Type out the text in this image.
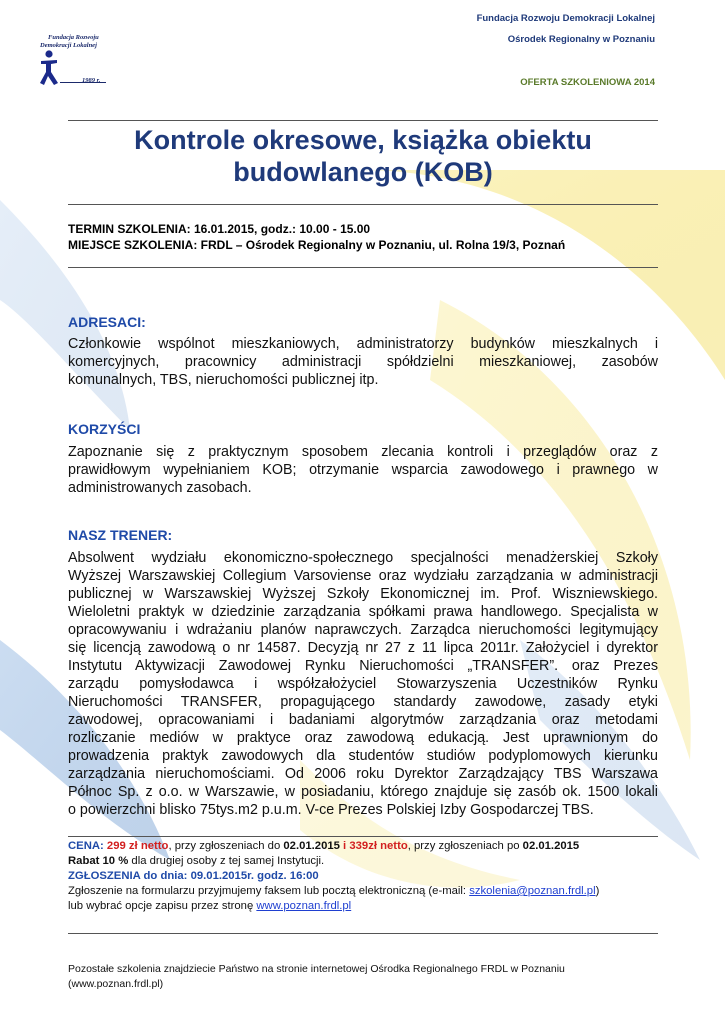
Fundacja Rozwoju Demokracji Lokalnej
Ośrodek Regionalny w Poznaniu
OFERTA SZKOLENIOWA 2014
Fundacja Rozwoju
Demokracji Lokalnej
1989 r.
Kontrole okresowe, książka obiektu
budowlanego (KOB)
TERMIN SZKOLENIA: 16.01.2015, godz.: 10.00 - 15.00
MIEJSCE SZKOLENIA: FRDL – Ośrodek Regionalny w Poznaniu, ul. Rolna 19/3, Poznań
ADRESACI:
Członkowie wspólnot mieszkaniowych, administratorzy budynków mieszkalnych i
komercyjnych, pracownicy administracji spółdzielni mieszkaniowej, zasobów
komunalnych, TBS, nieruchomości publicznej itp.
KORZYŚCI
Zapoznanie się z praktycznym sposobem zlecania kontroli i przeglądów oraz z
prawidłowym wypełnianiem KOB; otrzymanie wsparcia zawodowego i prawnego w
administrowanych zasobach.
NASZ TRENER:
Absolwent wydziału ekonomiczno-społecznego specjalności menadżerskiej Szkoły
Wyższej Warszawskiej Collegium Varsoviense oraz wydziału zarządzania w administracji
publicznej w Warszawskiej Wyższej Szkoły Ekonomicznej im. Prof. Wiszniewskiego.
Wieloletni praktyk w dziedzinie zarządzania spółkami prawa handlowego. Specjalista w
opracowywaniu i wdrażaniu planów naprawczych. Zarządca nieruchomości legitymujący
się licencją zawodową o nr 14587. Decyzją nr 27 z 11 lipca 2011r. Założyciel i dyrektor
Instytutu Aktywizacji Zawodowej Rynku Nieruchomości „TRANSFER”. oraz Prezes
zarządu pomysłodawca i współzałożyciel Stowarzyszenia Uczestników Rynku
Nieruchomości TRANSFER, propagującego standardy zawodowe, zasady etyki
zawodowej, opracowaniami i badaniami algorytmów zarządzania oraz metodami
rozliczanie mediów w praktyce oraz zawodową edukacją. Jest uprawnionym do
prowadzenia praktyk zawodowych dla studentów studiów podyplomowych kierunku
zarządzania nieruchomościami. Od 2006 roku Dyrektor Zarządzający TBS Warszawa
Północ Sp. z o.o. w Warszawie, w posiadaniu, którego znajduje się zasób ok. 1500 lokali
o powierzchni blisko 75tys.m2 p.u.m. V-ce Prezes Polskiej Izby Gospodarczej TBS.
CENA: 299 zł netto, przy zgłoszeniach do 02.01.2015 i 339zł netto, przy zgłoszeniach po 02.01.2015
Rabat 10 % dla drugiej osoby z tej samej Instytucji.
ZGŁOSZENIA do dnia: 09.01.2015r. godz. 16:00
Zgłoszenie na formularzu przyjmujemy faksem lub pocztą elektroniczną (e-mail: szkolenia@poznan.frdl.pl)
lub wybrać opcje zapisu przez stronę www.poznan.frdl.pl
Pozostałe szkolenia znajdziecie Państwo na stronie internetowej Ośrodka Regionalnego FRDL w Poznaniu
(www.poznan.frdl.pl)
